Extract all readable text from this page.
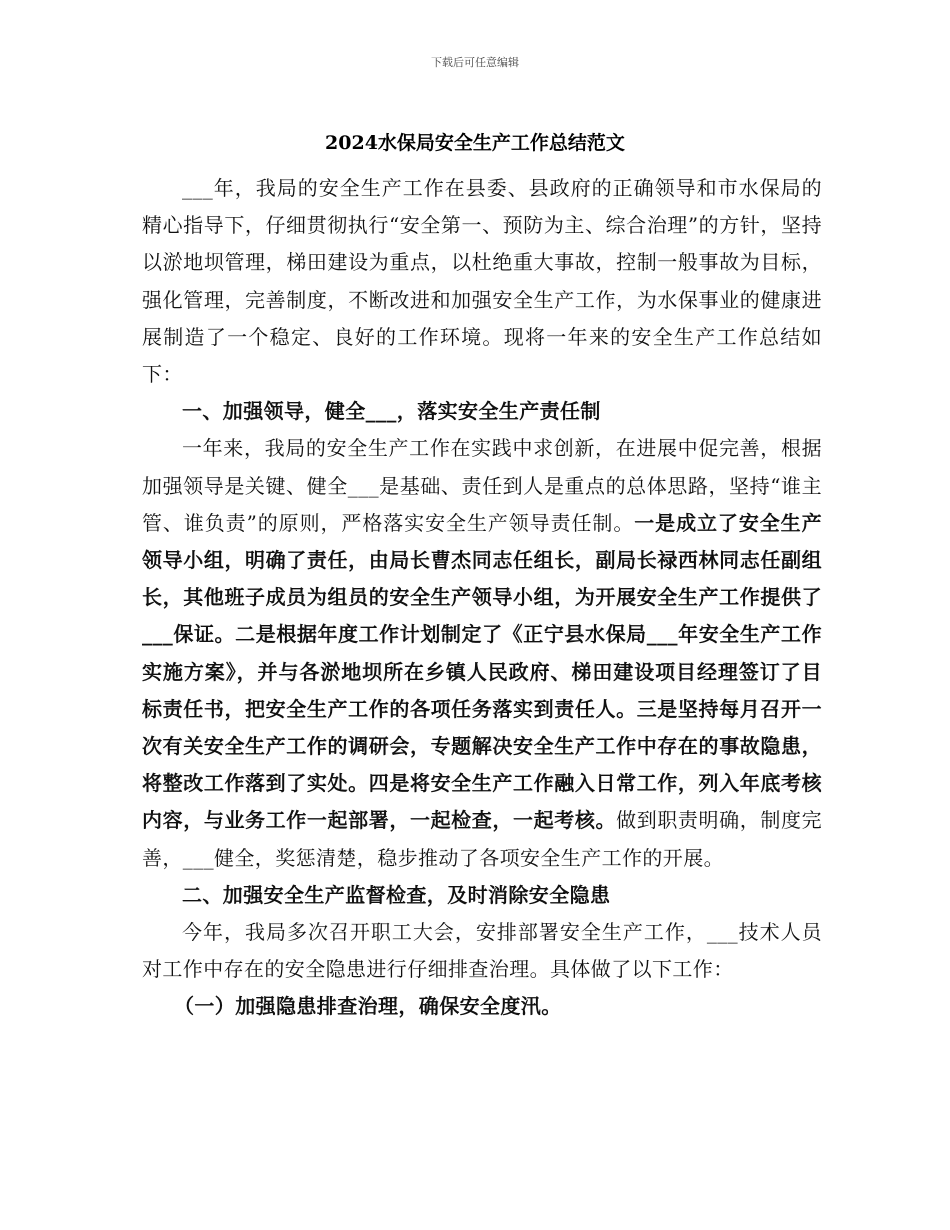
下载后可任意编辑
2024水保局安全生产工作总结范文

___年，我局的安全生产工作在县委、县政府的正确领导和市水保局的精心指导下，仔细贯彻执行“安全第一、预防为主、综合治理”的方针，坚持以淤地坝管理，梯田建设为重点，以杜绝重大事故，控制一般事故为目标，强化管理，完善制度，不断改进和加强安全生产工作，为水保事业的健康进展制造了一个稳定、良好的工作环境。现将一年来的安全生产工作总结如下：

一、加强领导，健全___，落实安全生产责任制

一年来，我局的安全生产工作在实践中求创新，在进展中促完善，根据加强领导是关键、健全___是基础、责任到人是重点的总体思路，坚持“谁主管、谁负责”的原则，严格落实安全生产领导责任制。一是成立了安全生产领导小组，明确了责任，由局长曹杰同志任组长，副局长禄西林同志任副组长，其他班子成员为组员的安全生产领导小组，为开展安全生产工作提供了___保证。二是根据年度工作计划制定了《正宁县水保局___年安全生产工作实施方案》，并与各淤地坝所在乡镇人民政府、梯田建设项目经理签订了目标责任书，把安全生产工作的各项任务落实到责任人。三是坚持每月召开一次有关安全生产工作的调研会，专题解决安全生产工作中存在的事故隐患，将整改工作落到了实处。四是将安全生产工作融入日常工作，列入年底考核内容，与业务工作一起部署，一起检查，一起考核。做到职责明确，制度完善，___健全，奖惩清楚，稳步推动了各项安全生产工作的开展。

二、加强安全生产监督检查，及时消除安全隐患

今年，我局多次召开职工大会，安排部署安全生产工作，___技术人员对工作中存在的安全隐患进行仔细排查治理。具体做了以下工作：

（一）加强隐患排查治理，确保安全度汛。
